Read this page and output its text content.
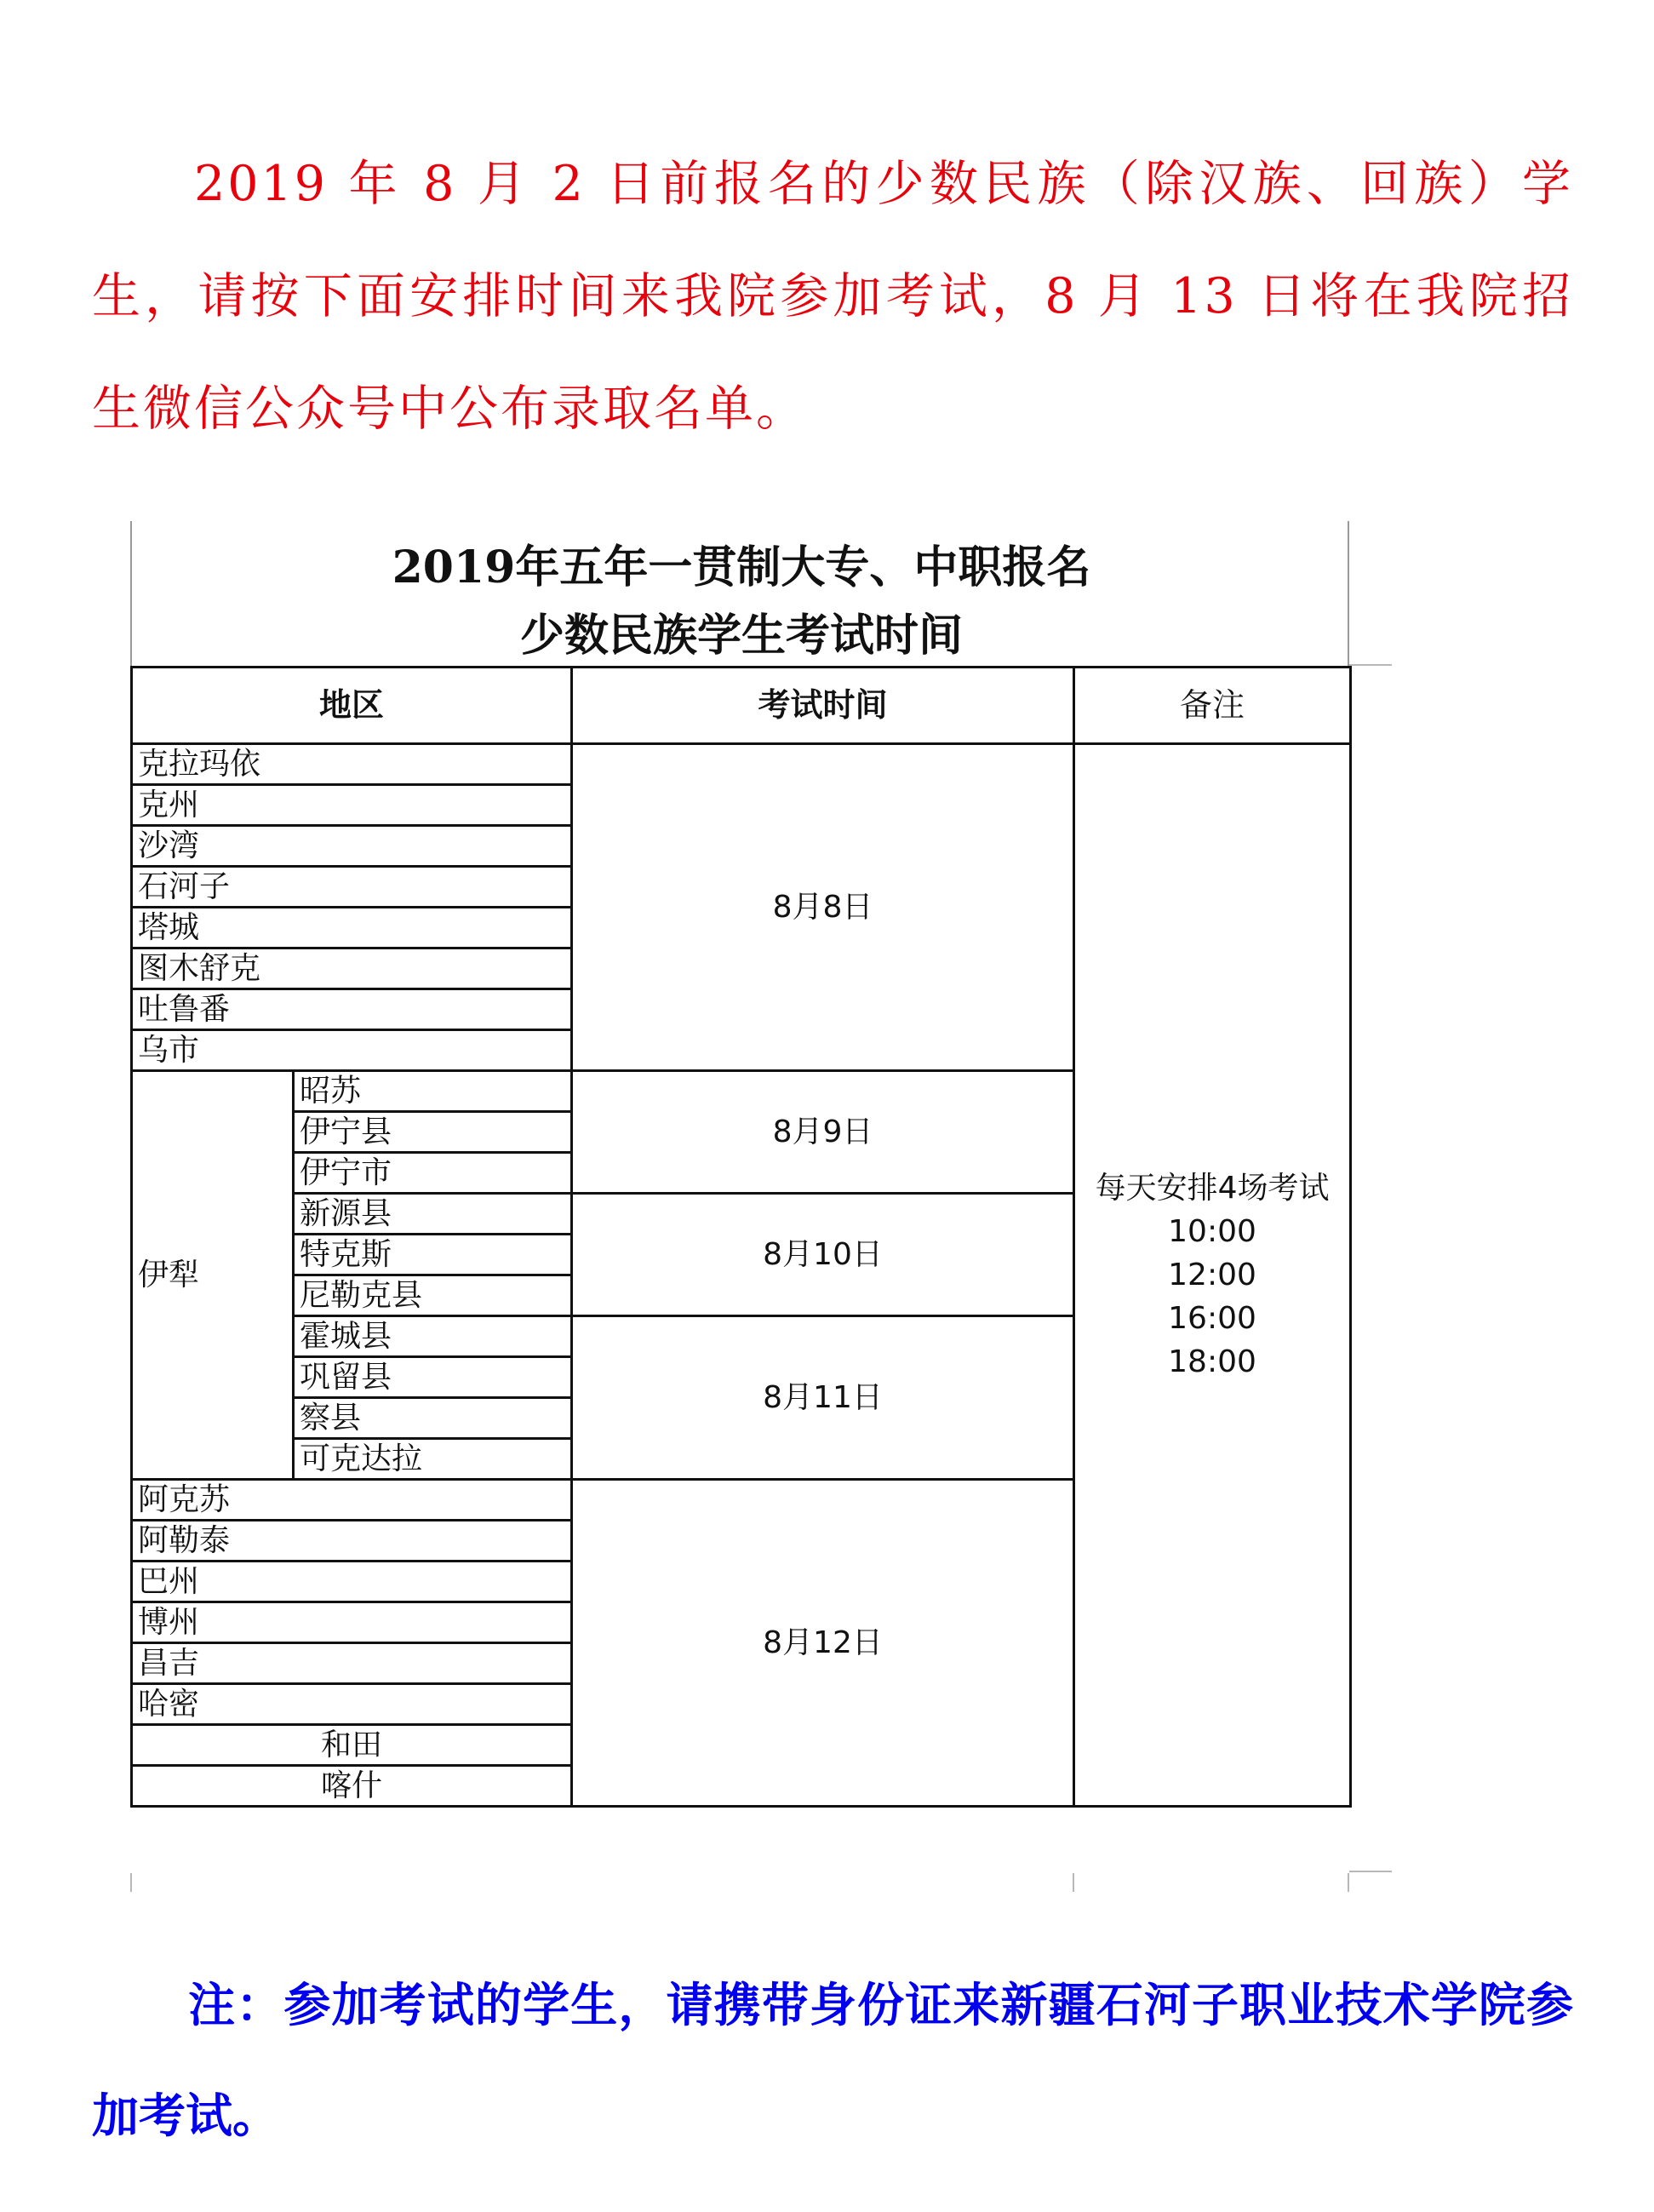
2019 年 8 月 2 日前报名的少数民族（除汉族、回族）学生，请按下面安排时间来我院参加考试，8 月 13 日将在我院招生微信公众号中公布录取名单。
2019年五年一贯制大专、中职报名
少数民族学生考试时间
地区		考试时间	备注
克拉玛依		8月8日	每天安排4场考试
10:00
12:00
16:00
18:00

克州			
沙湾			
石河子			
塔城			
图木舒克			
吐鲁番			
乌市			
伊犁	昭苏	8月9日	
	伊宁县		
	伊宁市		
	新源县	8月10日	
	特克斯		
	尼勒克县		
	霍城县	8月11日	
	巩留县		
	察县		
	可克达拉		
阿克苏		8月12日	
阿勒泰			
巴州			
博州			
昌吉			
哈密			
和田			
喀什			
注：参加考试的学生，请携带身份证来新疆石河子职业技术学院参加考试。
